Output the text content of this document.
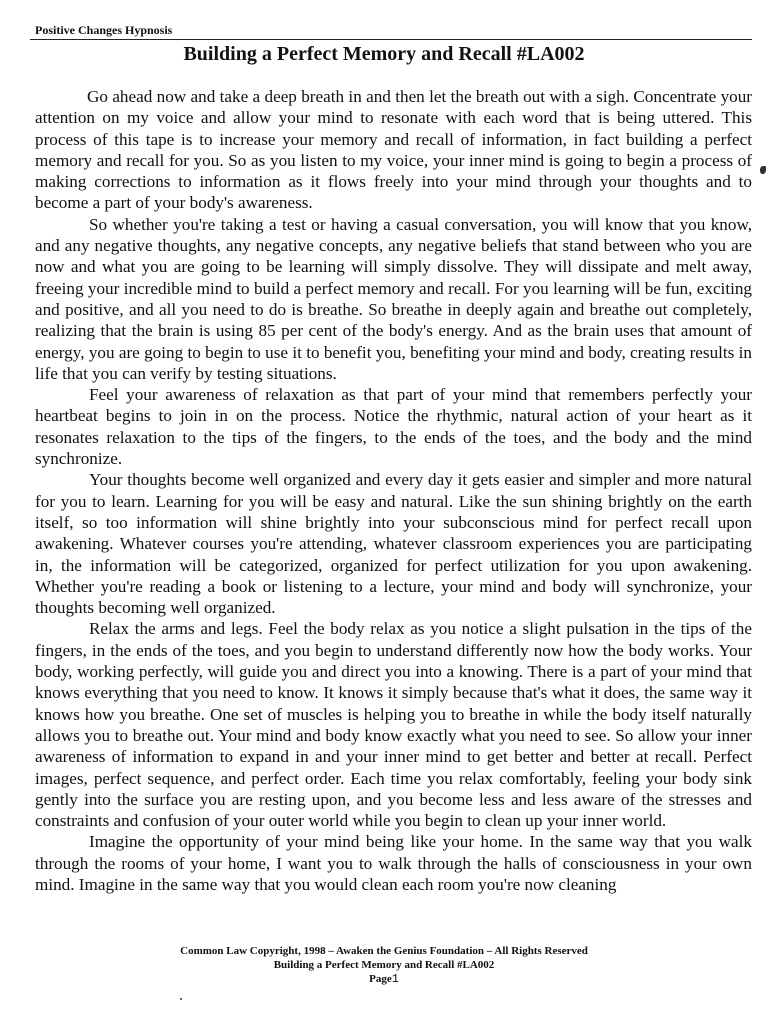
Positive Changes Hypnosis
Building a Perfect Memory and Recall #LA002

Go ahead now and take a deep breath in and then let the breath out with a sigh. Concentrate your attention on my voice and allow your mind to resonate with each word that is being uttered. This process of this tape is to increase your memory and recall of information, in fact building a perfect memory and recall for you. So as you listen to my voice, your inner mind is going to begin a process of making corrections to information as it flows freely into your mind through your thoughts and to become a part of your body's awareness.

So whether you're taking a test or having a casual conversation, you will know that you know, and any negative thoughts, any negative concepts, any negative beliefs that stand between who you are now and what you are going to be learning will simply dissolve. They will dissipate and melt away, freeing your incredible mind to build a perfect memory and recall. For you learning will be fun, exciting and positive, and all you need to do is breathe. So breathe in deeply again and breathe out completely, realizing that the brain is using 85 per cent of the body's energy. And as the brain uses that amount of energy, you are going to begin to use it to benefit you, benefiting your mind and body, creating results in life that you can verify by testing situations.

Feel your awareness of relaxation as that part of your mind that remembers perfectly your heartbeat begins to join in on the process. Notice the rhythmic, natural action of your heart as it resonates relaxation to the tips of the fingers, to the ends of the toes, and the body and the mind synchronize.

Your thoughts become well organized and every day it gets easier and simpler and more natural for you to learn. Learning for you will be easy and natural. Like the sun shining brightly on the earth itself, so too information will shine brightly into your subconscious mind for perfect recall upon awakening. Whatever courses you're attending, whatever classroom experiences you are participating in, the information will be categorized, organized for perfect utilization for you upon awakening. Whether you're reading a book or listening to a lecture, your mind and body will synchronize, your thoughts becoming well organized.

Relax the arms and legs. Feel the body relax as you notice a slight pulsation in the tips of the fingers, in the ends of the toes, and you begin to understand differently now how the body works. Your body, working perfectly, will guide you and direct you into a knowing. There is a part of your mind that knows everything that you need to know. It knows it simply because that's what it does, the same way it knows how you breathe. One set of muscles is helping you to breathe in while the body itself naturally allows you to breathe out. Your mind and body know exactly what you need to see. So allow your inner awareness of information to expand in and your inner mind to get better and better at recall. Perfect images, perfect sequence, and perfect order. Each time you relax comfortably, feeling your body sink gently into the surface you are resting upon, and you become less and less aware of the stresses and constraints and confusion of your outer world while you begin to clean up your inner world.

Imagine the opportunity of your mind being like your home. In the same way that you walk through the rooms of your home, I want you to walk through the halls of consciousness in your own mind. Imagine in the same way that you would clean each room you're now cleaning

Common Law Copyright, 1998 – Awaken the Genius Foundation – All Rights Reserved
Building a Perfect Memory and Recall #LA002
Page1
